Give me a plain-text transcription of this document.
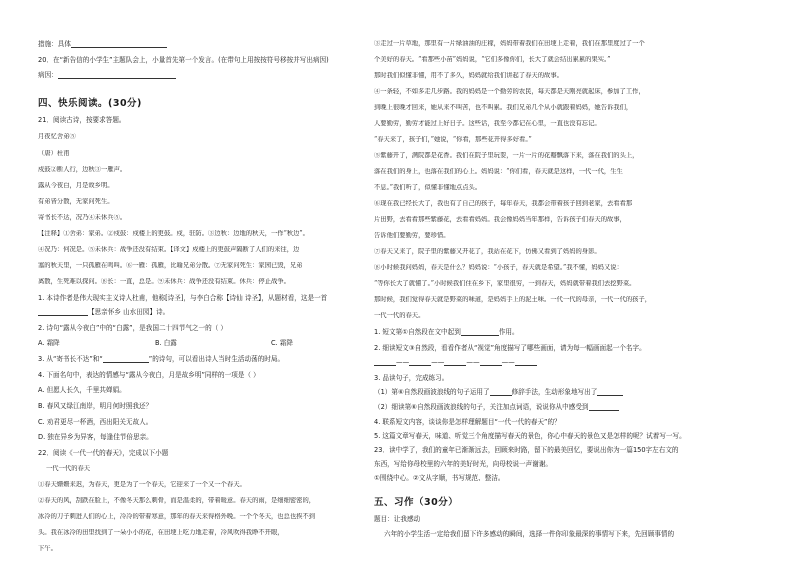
措施：具体
20．在“新告信的小学生”主题队会上，小量首先第一个发言。(在带句上用按按符号移按并写出病因)
病因：
四、快乐阅读。(30分)
21．阅读古诗，按要求答题。
月夜忆舍弟⑤
（唐）杜甫
戍鼓②断人行，边秋③一雁声。
露从今夜白，月是故乡明。
有弟皆分散，无家问死生。
寄书长不达，况乃④未休兵⑤。
【注释】①舍弟：家弟。②戍鼓：戍楼上的更鼓。戍，驻防。③边秋：边地的秋天，一作“秋边”。
④况乃：何况是。⑤未休兵：战争还没有结束。【译文】戍楼上的更鼓声隔断了人们的来往，边
塞的秋天里，一只孤雁在鸣叫。⑥一雁：孤雁，比喻兄弟分散。⑦无家问死生：家园已毁，兄弟
离散，生死难以探问。⑧长：一直，总是。⑨未休兵：战争还没有结束。休兵：停止战争。
1. 本诗作者是伟大现实主义诗人杜甫，他称[诗圣]，与李白合称【诗仙 诗圣】，从题材看，这是一首
【思亲怀乡 山水田园】诗。
2. 诗句“露从今夜白”中的“白露”，是我国二十四节气之一的（ ）
A. 霜降	B. 白露	C. 霜降
3. 从“寄书长不达”和“	”的诗句，可以看出诗人当时生活动荡的时局。
4. 下面名句中，表达的情感与“露从今夜白，月是故乡明”同样的一项是（ ）
A. 但愿人长久，千里共婵娟。
B. 春风又绿江南岸，明月何时照我还？
C. 劝君更尽一杯酒，西出阳关无故人。
D. 独在异乡为异客，每逢佳节倍思亲。
22．阅读《一代一代的春天》，完成以下小题
一代一代的春天
①春天姗姗来迟，为春天，更是为了一个春天，它迎来了一个又一个春天。
②春天的风，刮跌在脸上，不像冬天那么刺骨，而是温柔的，带着暖意。春天的雨，是细细密密的，
冰冷的刀子刺进人们的心上，冷冷的带着寒意，那年的春天来得格外晚。一个个冬天，也总也挨不到
头。我在冰冷的田里找到了一朵小小的花，在田埂上吃力地走着，冷风吹得我睁不开眼，
下午。
③走过一片草地，那里有一片绿油油的庄稼，妈妈带着我们在田埂上走着，我们在那里度过了一个
个美好的春天。“看那些小苗”妈妈说，“它们多像你们，长大了就会结出累累的果实。”
那时我们似懂非懂，用不了多久，妈妈就给我们讲起了春天的故事。
④一条轻，不如多走几步路。我的妈妈是一个勤劳的农民，每天都是天刚亮就起床，参加了工作，
到晚上很晚才回来，她从来不叫苦，也不叫累。我们兄弟几个从小就跟着妈妈，她告诉我们，
人要勤劳，勤劳才能过上好日子。这些话，我至今都记在心里，一直也没有忘记。
“春天来了，孩子们，”她说，“你看，那些花开得多好看。”
⑤紫藤开了，满院都是花香。我们在院子里玩耍，一片一片的花瓣飘落下来，落在我们的头上，
落在我们的身上，也落在我们的心上。妈妈说：“你们看，春天就是这样，一代一代，生生
不息。”我们听了，似懂非懂地点点头。
⑥现在我已经长大了，我也有了自己的孩子，每年春天，我都会带着孩子回到老家，去看看那
片田野，去看看那些紫藤花，去看看妈妈。我会像妈妈当年那样，告诉孩子们春天的故事，
告诉他们要勤劳，要珍惜。
⑦春天又来了，院子里的紫藤又开花了，我站在花下，仿佛又看到了妈妈的身影。
⑧小时候我问妈妈，春天是什么？妈妈说：“小孩子，春天就是希望。”我不懂，妈妈又说：
“等你长大了就懂了。”小时候我们住在乡下，家里很穷，一到春天，妈妈就带着我们去挖野菜。
那时候，我们觉得春天就是野菜的味道，是妈妈手上的泥土味。一代一代的母亲，一代一代的孩子，
一代一代的春天。
1. 短文第①自然段在文中起到	作用。
2. 细读短文③自然段，看看作者从“视觉”角度描写了哪些画面，请为每一幅画面起一个名字。
——	——	——	——
3. 品读句子，完成练习。
（1）第⑥自然段画波浪线的句子运用了	修辞手法，生动形象地写出了
（2）细读第⑥自然段画波浪线的句子，关注加点词语，说说你从中感受到
4. 联系短文内容，谈谈你是怎样理解题目“一代一代的春天”的？
5. 这篇文章写春天，味道、听觉三个角度描写春天的景色，你心中春天的景色又是怎样的呢？试着写一写。
23．读中学了，我们的童年已渐渐远去，回顾来时路，留下的最美回忆，要说出你为一篇150字左右文的
东西，写给你母校里的六年的美好时光，向母校说一声谢谢。
①围绕中心。②文从字顺，书写规范、整洁。
五、习作（30分）
题目：让我感动
六年的小学生活一定给我们留下许多感动的瞬间，选择一件你印象最深的事情写下来，先回顾事情的
